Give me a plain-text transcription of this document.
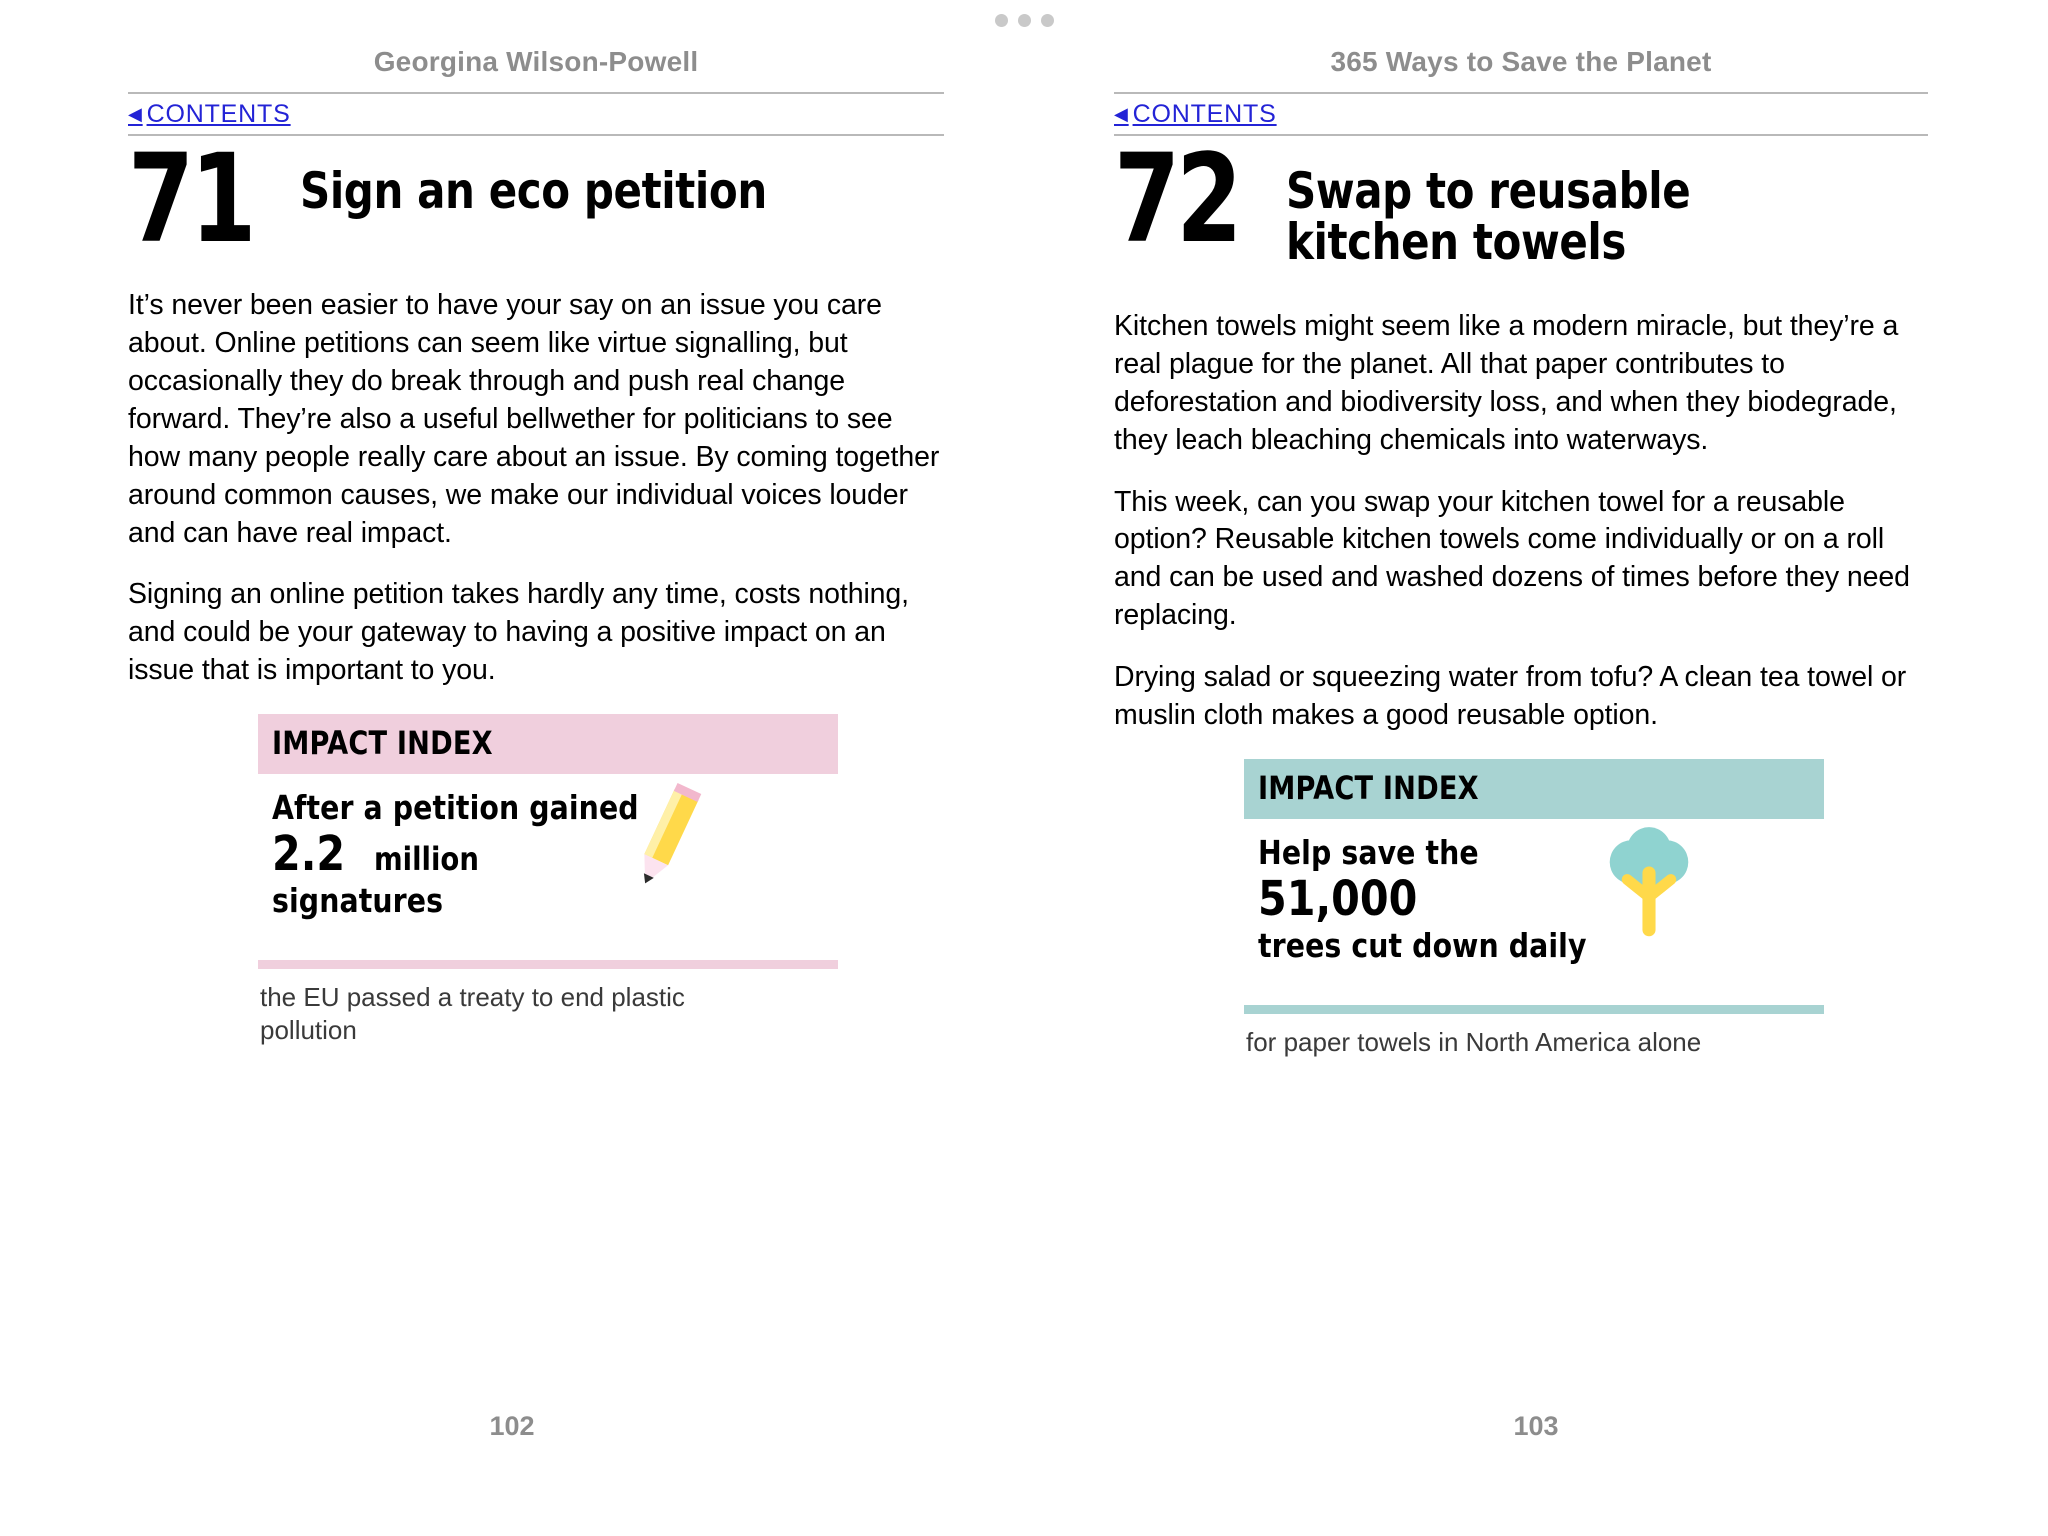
Georgina Wilson-Powell
◀ CONTENTS
71 Sign an eco petition

It’s never been easier to have your say on an issue you care about. Online petitions can seem like virtue signalling, but occasionally they do break through and push real change forward. They’re also a useful bellwether for politicians to see how many people really care about an issue. By coming together around common causes, we make our individual voices louder and can have real impact.

Signing an online petition takes hardly any time, costs nothing, and could be your gateway to having a positive impact on an issue that is important to you.

IMPACT INDEX
After a petition gained
2.2 million
signatures
the EU passed a treaty to end plastic pollution
102
365 Ways to Save the Planet
◀ CONTENTS
72 Swap to reusable kitchen towels

Kitchen towels might seem like a modern miracle, but they’re a real plague for the planet. All that paper contributes to deforestation and biodiversity loss, and when they biodegrade, they leach bleaching chemicals into waterways.

This week, can you swap your kitchen towel for a reusable option? Reusable kitchen towels come individually or on a roll and can be used and washed dozens of times before they need replacing.

Drying salad or squeezing water from tofu? A clean tea towel or muslin cloth makes a good reusable option.

IMPACT INDEX
Help save the
51,000
trees cut down daily
for paper towels in North America alone
103
